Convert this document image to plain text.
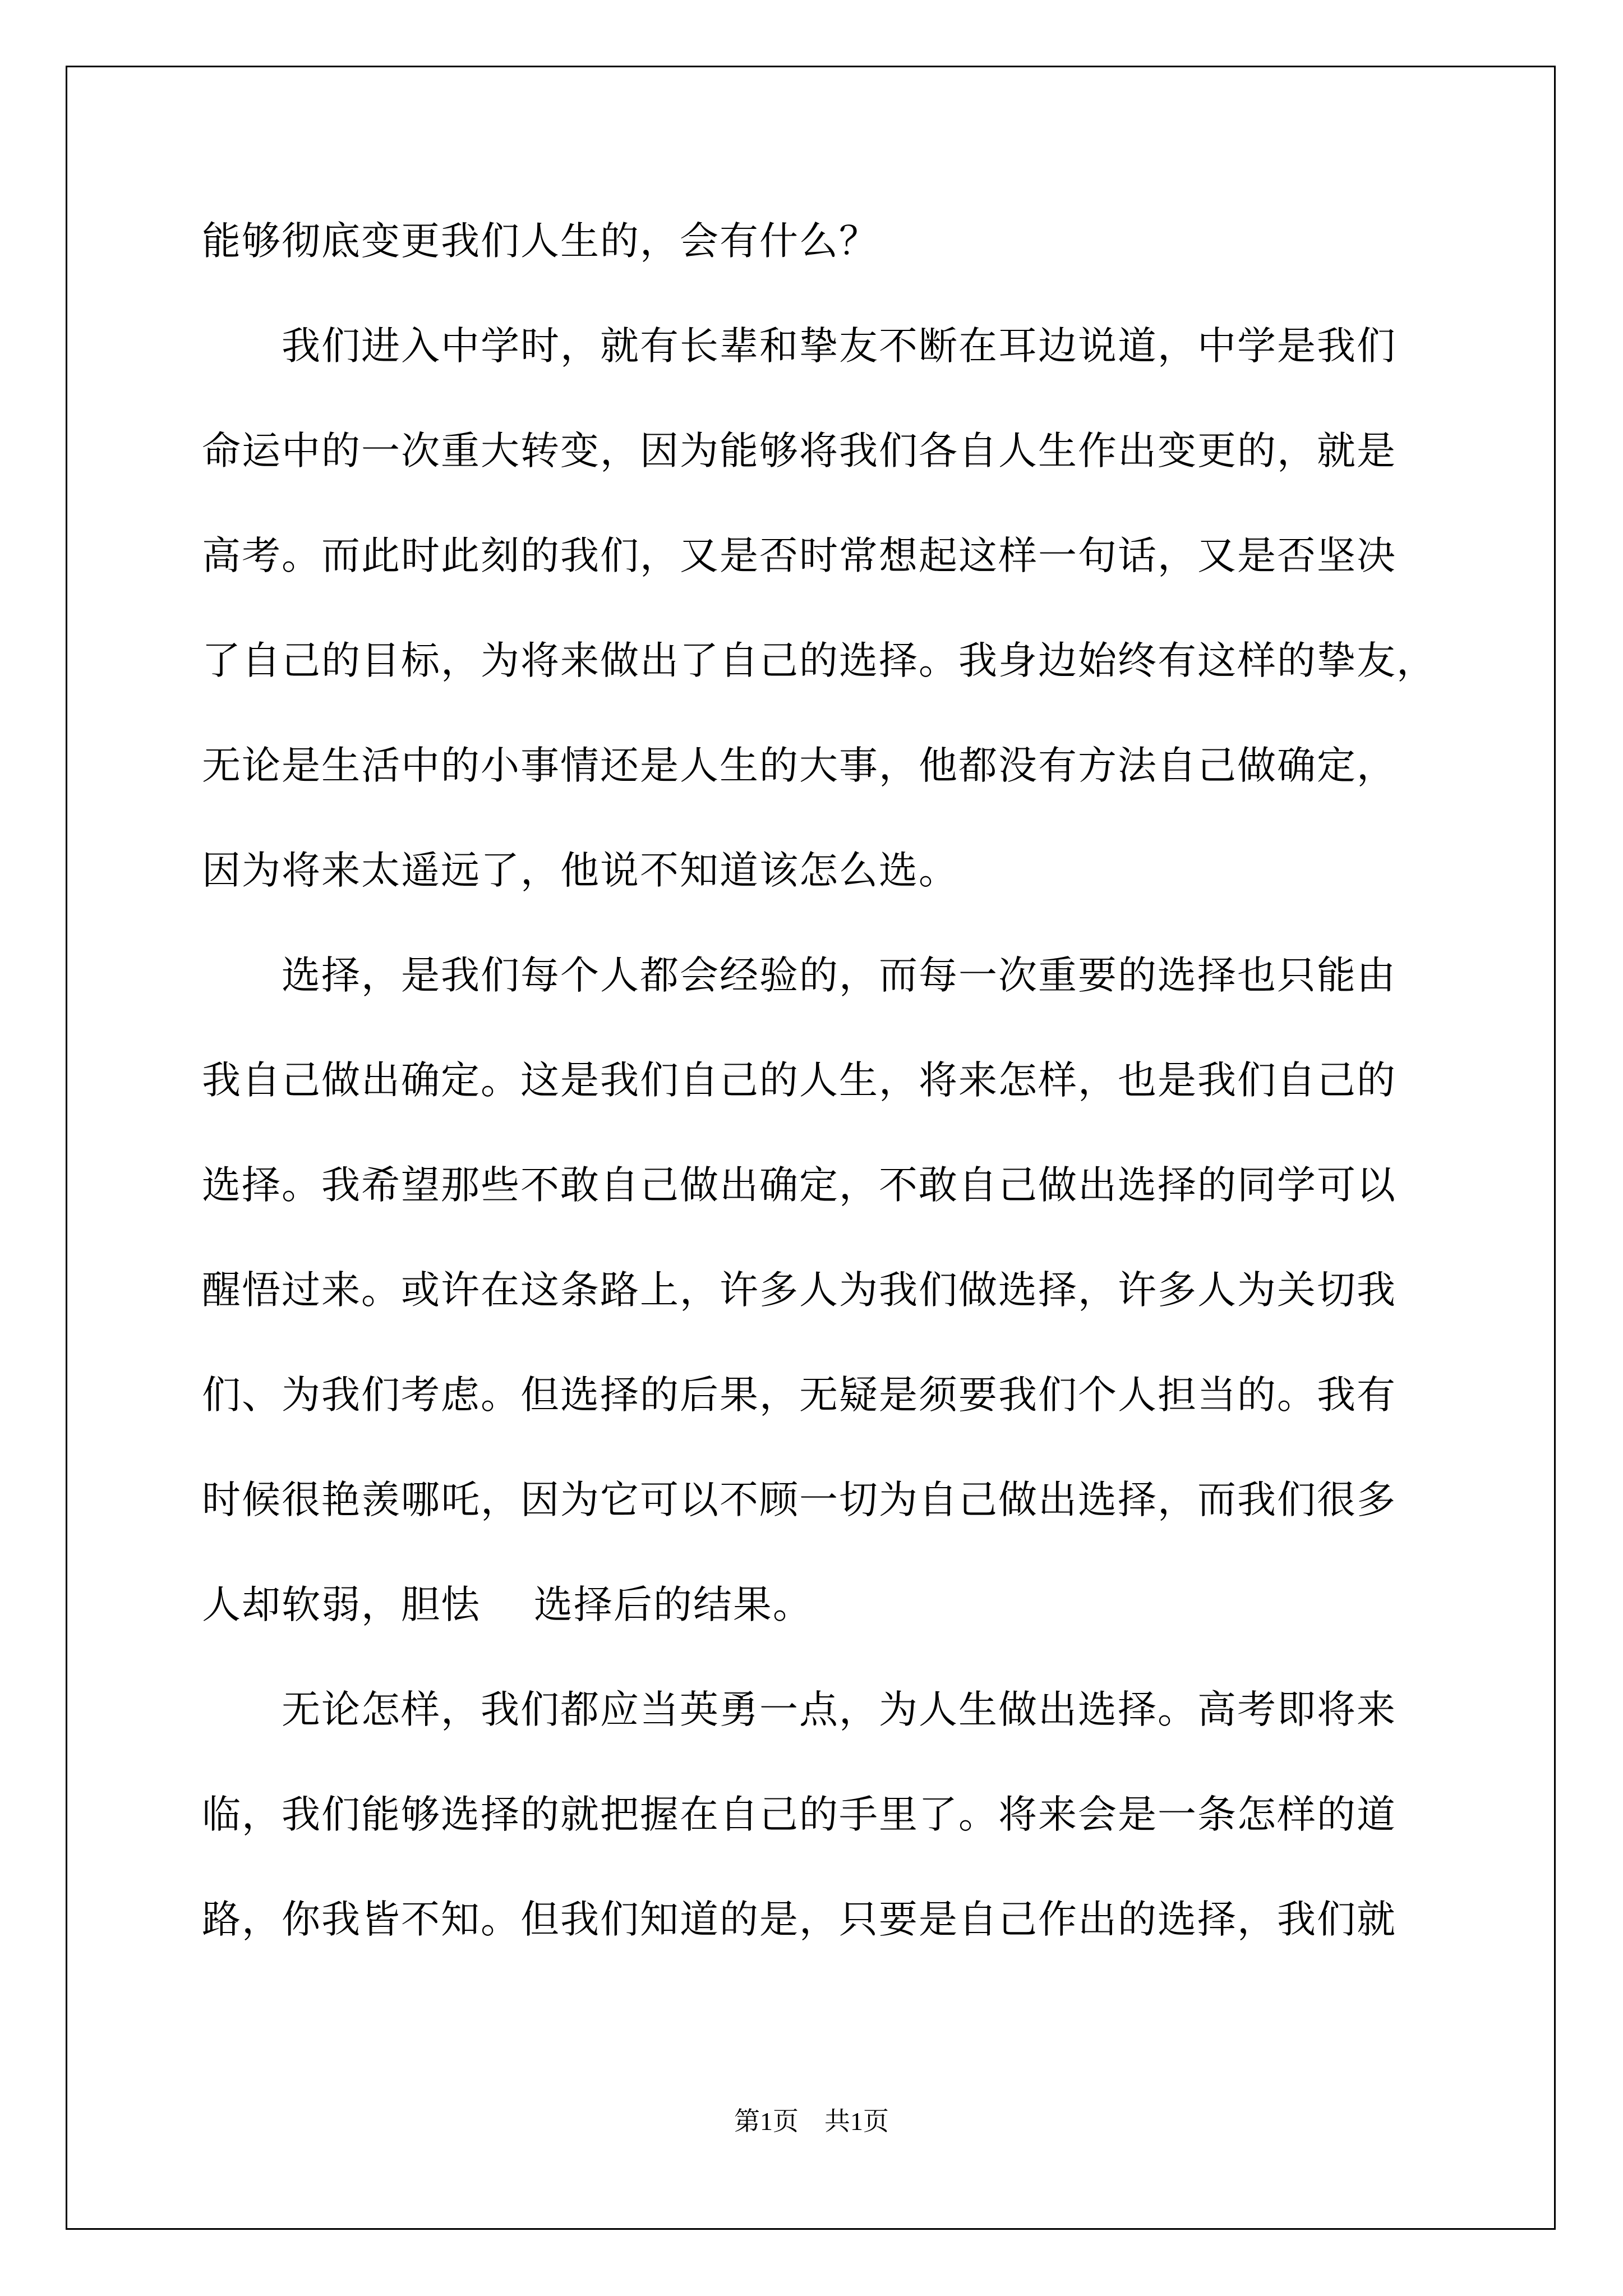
能够彻底变更我们人生的，会有什么？
　　我们进入中学时，就有长辈和挚友不断在耳边说道，中学是我们
命运中的一次重大转变，因为能够将我们各自人生作出变更的，就是
高考。而此时此刻的我们，又是否时常想起这样一句话，又是否坚决
了自己的目标，为将来做出了自己的选择。我身边始终有这样的挚友，
无论是生活中的小事情还是人生的大事，他都没有方法自己做确定，
因为将来太遥远了，他说不知道该怎么选。
　　选择，是我们每个人都会经验的，而每一次重要的选择也只能由
我自己做出确定。这是我们自己的人生，将来怎样，也是我们自己的
选择。我希望那些不敢自己做出确定，不敢自己做出选择的同学可以
醒悟过来。或许在这条路上，许多人为我们做选择，许多人为关切我
们、为我们考虑。但选择的后果，无疑是须要我们个人担当的。我有
时候很艳羡哪吒，因为它可以不顾一切为自己做出选择，而我们很多
人却软弱，胆怯　 选择后的结果。
　　无论怎样，我们都应当英勇一点，为人生做出选择。高考即将来
临，我们能够选择的就把握在自己的手里了。将来会是一条怎样的道
路，你我皆不知。但我们知道的是，只要是自己作出的选择，我们就
第1页　共1页
